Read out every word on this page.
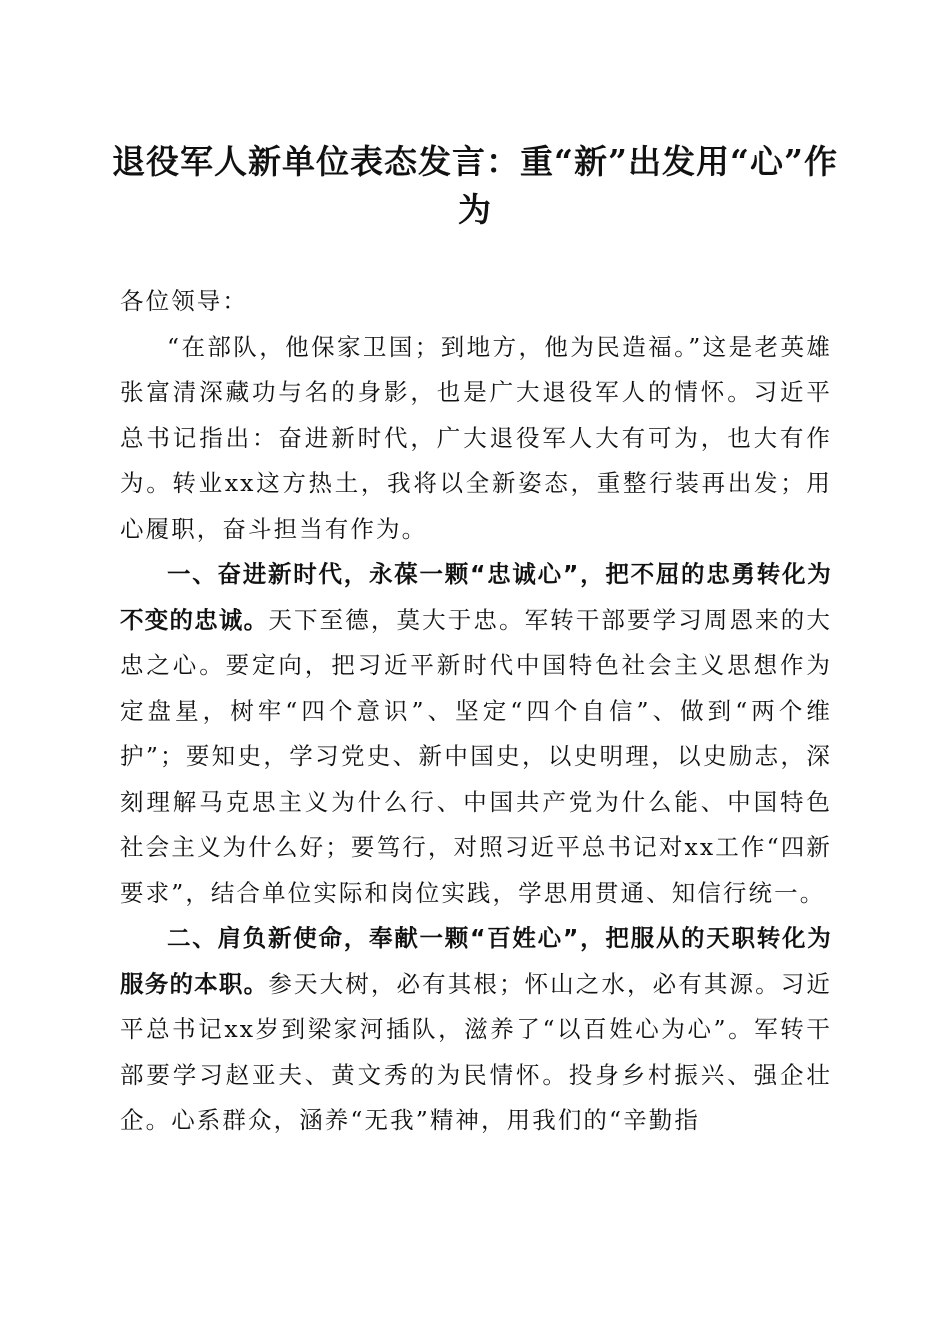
退役军人新单位表态发言：重“新”出发用“心”作为

各位领导：

“在部队，他保家卫国；到地方，他为民造福。”这是老英雄张富清深藏功与名的身影，也是广大退役军人的情怀。习近平总书记指出：奋进新时代，广大退役军人大有可为，也大有作为。转业xx这方热土，我将以全新姿态，重整行装再出发；用心履职，奋斗担当有作为。

一、奋进新时代，永葆一颗“忠诚心”，把不屈的忠勇转化为不变的忠诚。天下至德，莫大于忠。军转干部要学习周恩来的大忠之心。要定向，把习近平新时代中国特色社会主义思想作为定盘星，树牢“四个意识”、坚定“四个自信”、做到“两个维护”；要知史，学习党史、新中国史，以史明理，以史励志，深刻理解马克思主义为什么行、中国共产党为什么能、中国特色社会主义为什么好；要笃行，对照习近平总书记对xx工作“四新要求”，结合单位实际和岗位实践，学思用贯通、知信行统一。

二、肩负新使命，奉献一颗“百姓心”，把服从的天职转化为服务的本职。参天大树，必有其根；怀山之水，必有其源。习近平总书记xx岁到梁家河插队，滋养了“以百姓心为心”。军转干部要学习赵亚夫、黄文秀的为民情怀。投身乡村振兴、强企壮企。心系群众，涵养“无我”精神，用我们的“辛勤指
